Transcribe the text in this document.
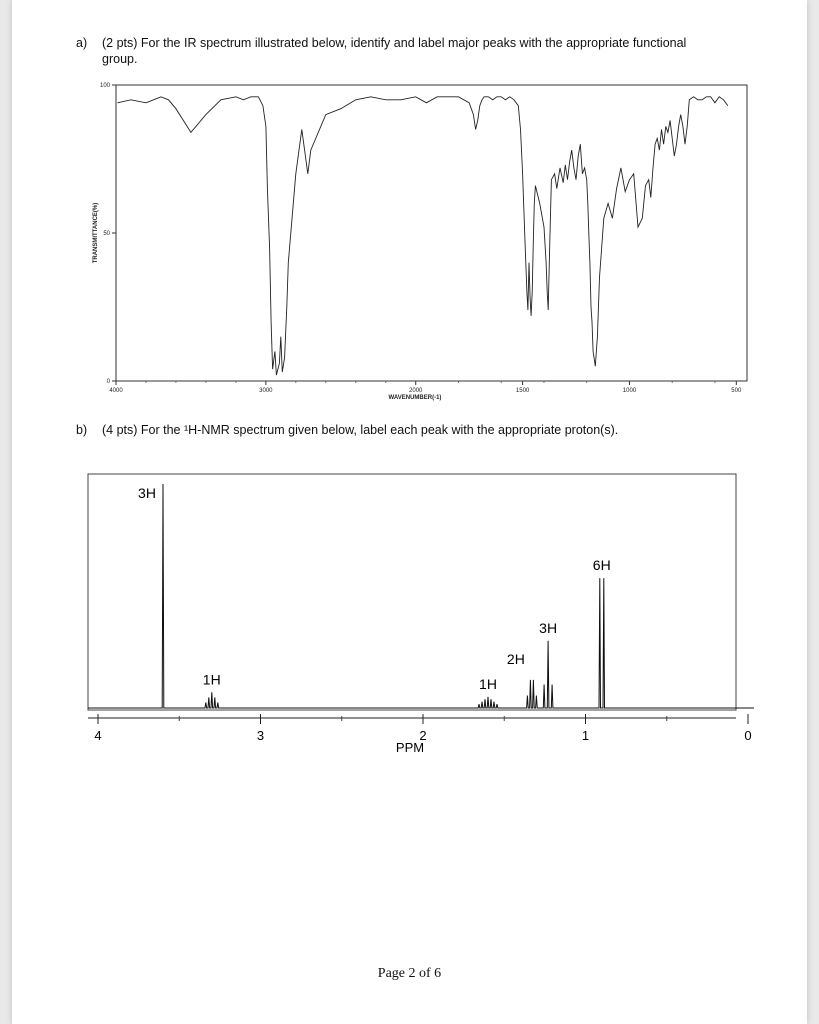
a) (2 pts) For the IR spectrum illustrated below, identify and label major peaks with the appropriate functional
group.
4000	3000	2000	1500	1000	500
100
50
0
TRANSMITTANCE(%)
WAVENUMBER(-1)
b) (4 pts) For the ¹H-NMR spectrum given below, label each peak with the appropriate proton(s).
4	3	2	1	0
3H
1H	1H
2H
3H
6H
PPM
Page 2 of 6
